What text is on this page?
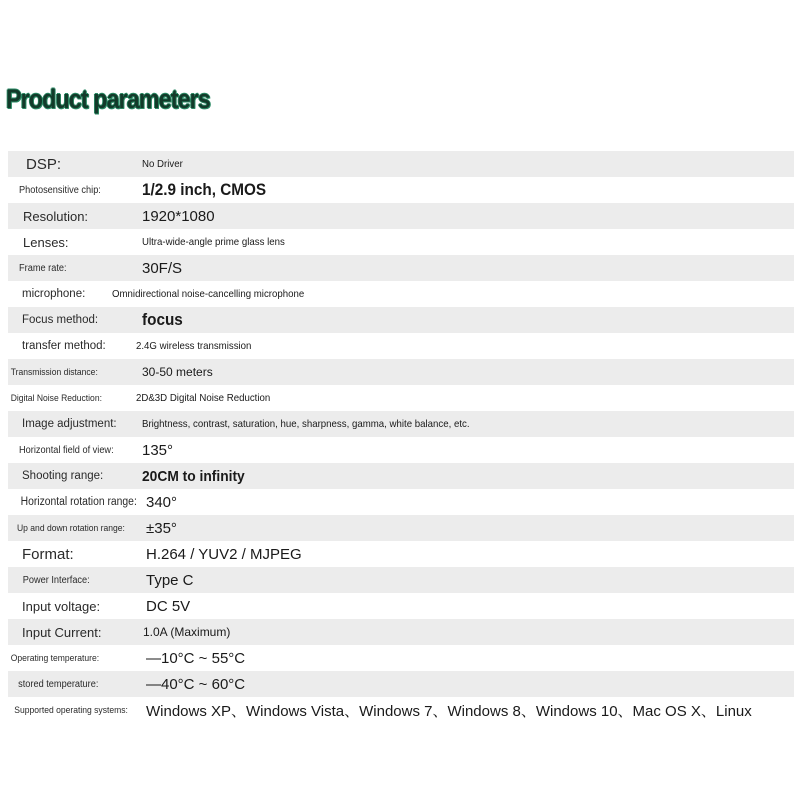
Product parameters
DSP:	No Driver
Photosensitive chip:	1/2.9 inch, CMOS
Resolution:	1920*1080
Lenses:	Ultra-wide-angle prime glass lens
Frame rate:	30F/S
microphone:	Omnidirectional noise-cancelling microphone
Focus method:	focus
transfer method:	2.4G wireless transmission
Transmission distance:	30-50 meters
Digital Noise Reduction:	2D&3D Digital Noise Reduction
Image adjustment:	Brightness, contrast, saturation, hue, sharpness, gamma, white balance, etc.
Horizontal field of view:	135°
Shooting range:	20CM to infinity
Horizontal rotation range: 340°
Up and down rotation range:	±35°
Format:	H.264 / YUV2 / MJPEG
Power Interface:	Type C
Input voltage:	DC 5V
Input Current:	1.0A (Maximum)
Operating temperature:	—10°C ~ 55°C
stored temperature:	—40°C ~ 60°C
Supported operating systems: Windows XP、Windows Vista、Windows 7、Windows 8、Windows 10、Mac OS X、Linux
